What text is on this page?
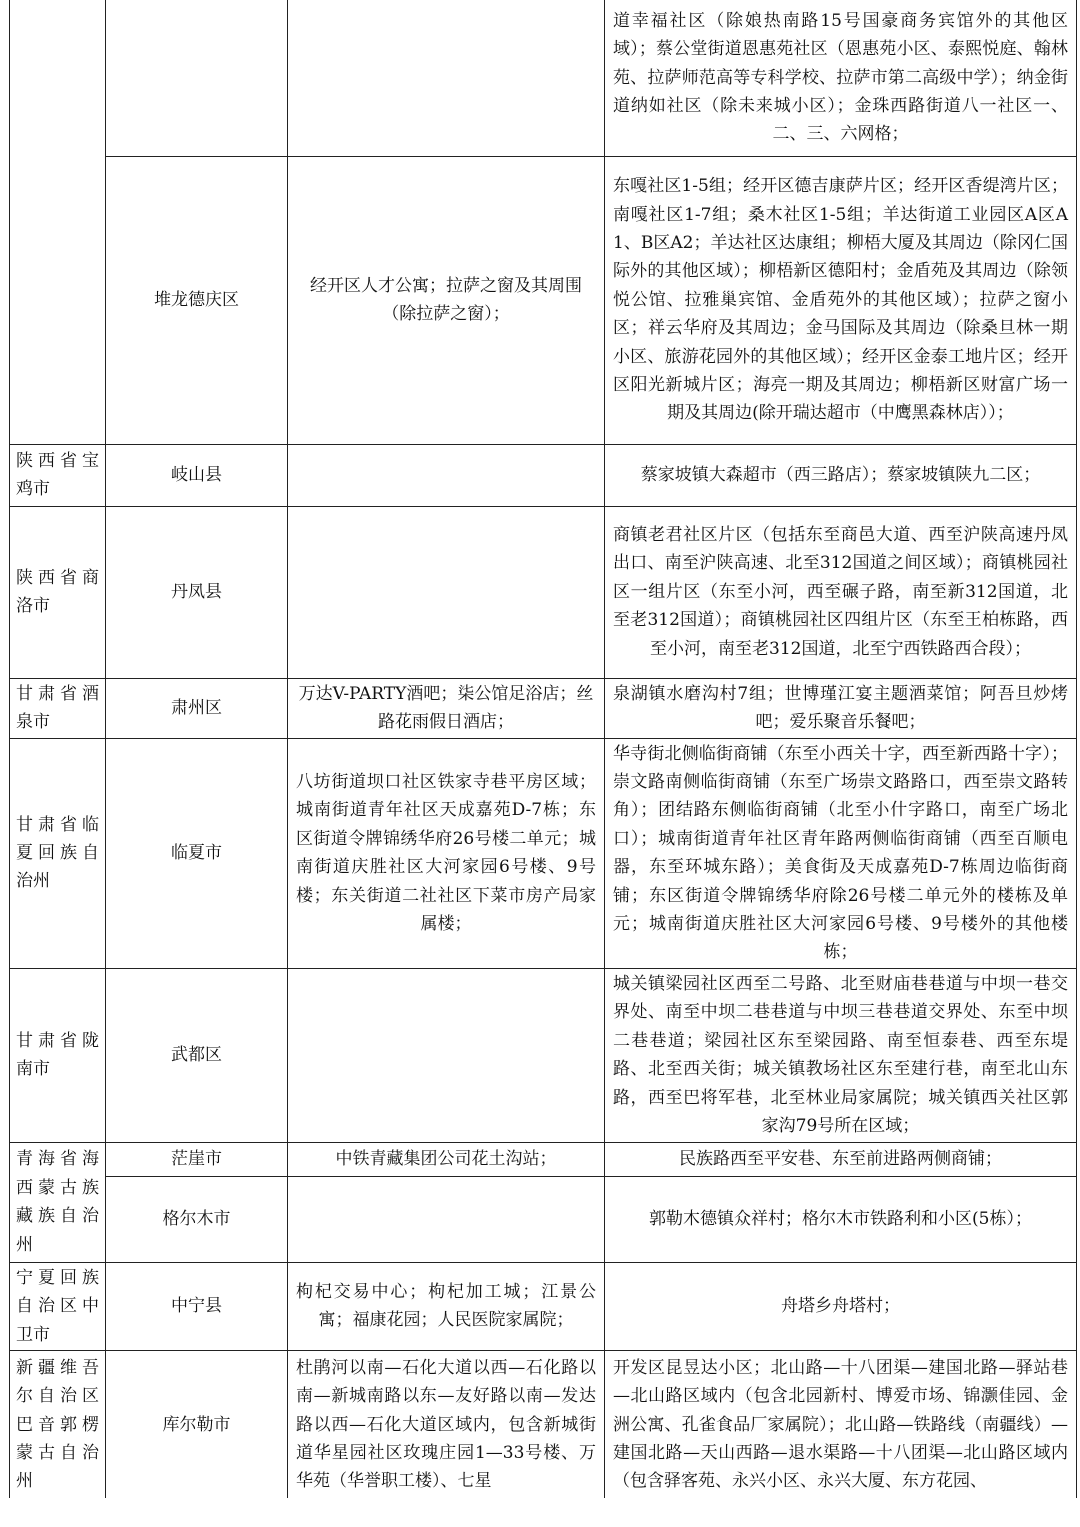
			道幸福社区（除娘热南路15号国豪商务宾馆外的其他区域）；蔡公堂街道恩惠苑社区（恩惠苑小区、泰熙悦庭、翰林苑、拉萨师范高等专科学校、拉萨市第二高级中学）；纳金街道纳如社区（除未来城小区）；金珠西路街道八一社区一、二、三、六网格；
	堆龙德庆区	经开区人才公寓；拉萨之窗及其周围（除拉萨之窗）；	东嘎社区1-5组；经开区德吉康萨片区；经开区香缇湾片区；南嘎社区1-7组；桑木社区1-5组；羊达街道工业园区A区A1、B区A2；羊达社区达康组；柳梧大厦及其周边（除冈仁国际外的其他区域）；柳梧新区德阳村；金盾苑及其周边（除领悦公馆、拉雅巢宾馆、金盾苑外的其他区域）；拉萨之窗小区；祥云华府及其周边；金马国际及其周边（除桑旦林一期小区、旅游花园外的其他区域）；经开区金泰工地片区；经开区阳光新城片区；海亮一期及其周边；柳梧新区财富广场一期及其周边(除开瑞达超市（中鹰黑森林店））；
陕西省宝鸡市	岐山县		蔡家坡镇大森超市（西三路店）；蔡家坡镇陕九二区；
陕西省商洛市	丹凤县		商镇老君社区片区（包括东至商邑大道、西至沪陕高速丹凤出口、南至沪陕高速、北至312国道之间区域）；商镇桃园社区一组片区（东至小河，西至碾子路，南至新312国道，北至老312国道）；商镇桃园社区四组片区（东至王柏栋路，西至小河，南至老312国道，北至宁西铁路西合段）；
甘肃省酒泉市	肃州区	万达V-PARTY酒吧；柒公馆足浴店；丝路花雨假日酒店；	泉湖镇水磨沟村7组；世博瑾江宴主题酒菜馆；阿吾旦炒烤吧；爱乐聚音乐餐吧；
甘肃省临夏回族自治州	临夏市	八坊街道坝口社区铁家寺巷平房区域；城南街道青年社区天成嘉苑D-7栋；东区街道令牌锦绣华府26号楼二单元；城南街道庆胜社区大河家园6号楼、9号楼；东关街道二社社区下菜市房产局家属楼；	华寺街北侧临街商铺（东至小西关十字，西至新西路十字）；崇文路南侧临街商铺（东至广场崇文路路口，西至崇文路转角）；团结路东侧临街商铺（北至小什字路口，南至广场北口）；城南街道青年社区青年路两侧临街商铺（西至百顺电器，东至环城东路）；美食街及天成嘉苑D-7栋周边临街商铺；东区街道令牌锦绣华府除26号楼二单元外的楼栋及单元；城南街道庆胜社区大河家园6号楼、9号楼外的其他楼栋；
甘肃省陇南市	武都区		城关镇梁园社区西至二号路、北至财庙巷巷道与中坝一巷交界处、南至中坝二巷巷道与中坝三巷巷道交界处、东至中坝二巷巷道；梁园社区东至梁园路、南至恒泰巷、西至东堤路、北至西关街；城关镇教场社区东至建行巷，南至北山东路，西至巴将军巷，北至林业局家属院；城关镇西关社区郭家沟79号所在区域；
青海省海西蒙古族藏族自治州	茫崖市	中铁青藏集团公司花土沟站；	民族路西至平安巷、东至前进路两侧商铺；
	格尔木市		郭勒木德镇众祥村；格尔木市铁路利和小区(5栋）；
宁夏回族自治区中卫市	中宁县	枸杞交易中心；枸杞加工城；江景公寓；福康花园；人民医院家属院；	舟塔乡舟塔村；
新疆维吾尔自治区巴音郭楞蒙古自治州	库尔勒市	杜鹃河以南—石化大道以西—石化路以南—新城南路以东—友好路以南—发达路以西—石化大道区域内，包含新城街道华星园社区玫瑰庄园1—33号楼、万华苑（华誉职工楼）、七星	开发区昆昱达小区；北山路—十八团渠—建国北路—驿站巷—北山路区域内（包含北园新村、博爱市场、锦灏佳园、金洲公寓、孔雀食品厂家属院）；北山路—铁路线（南疆线）—建国北路—天山西路—退水渠路—十八团渠—北山路区域内（包含驿客苑、永兴小区、永兴大厦、东方花园、
